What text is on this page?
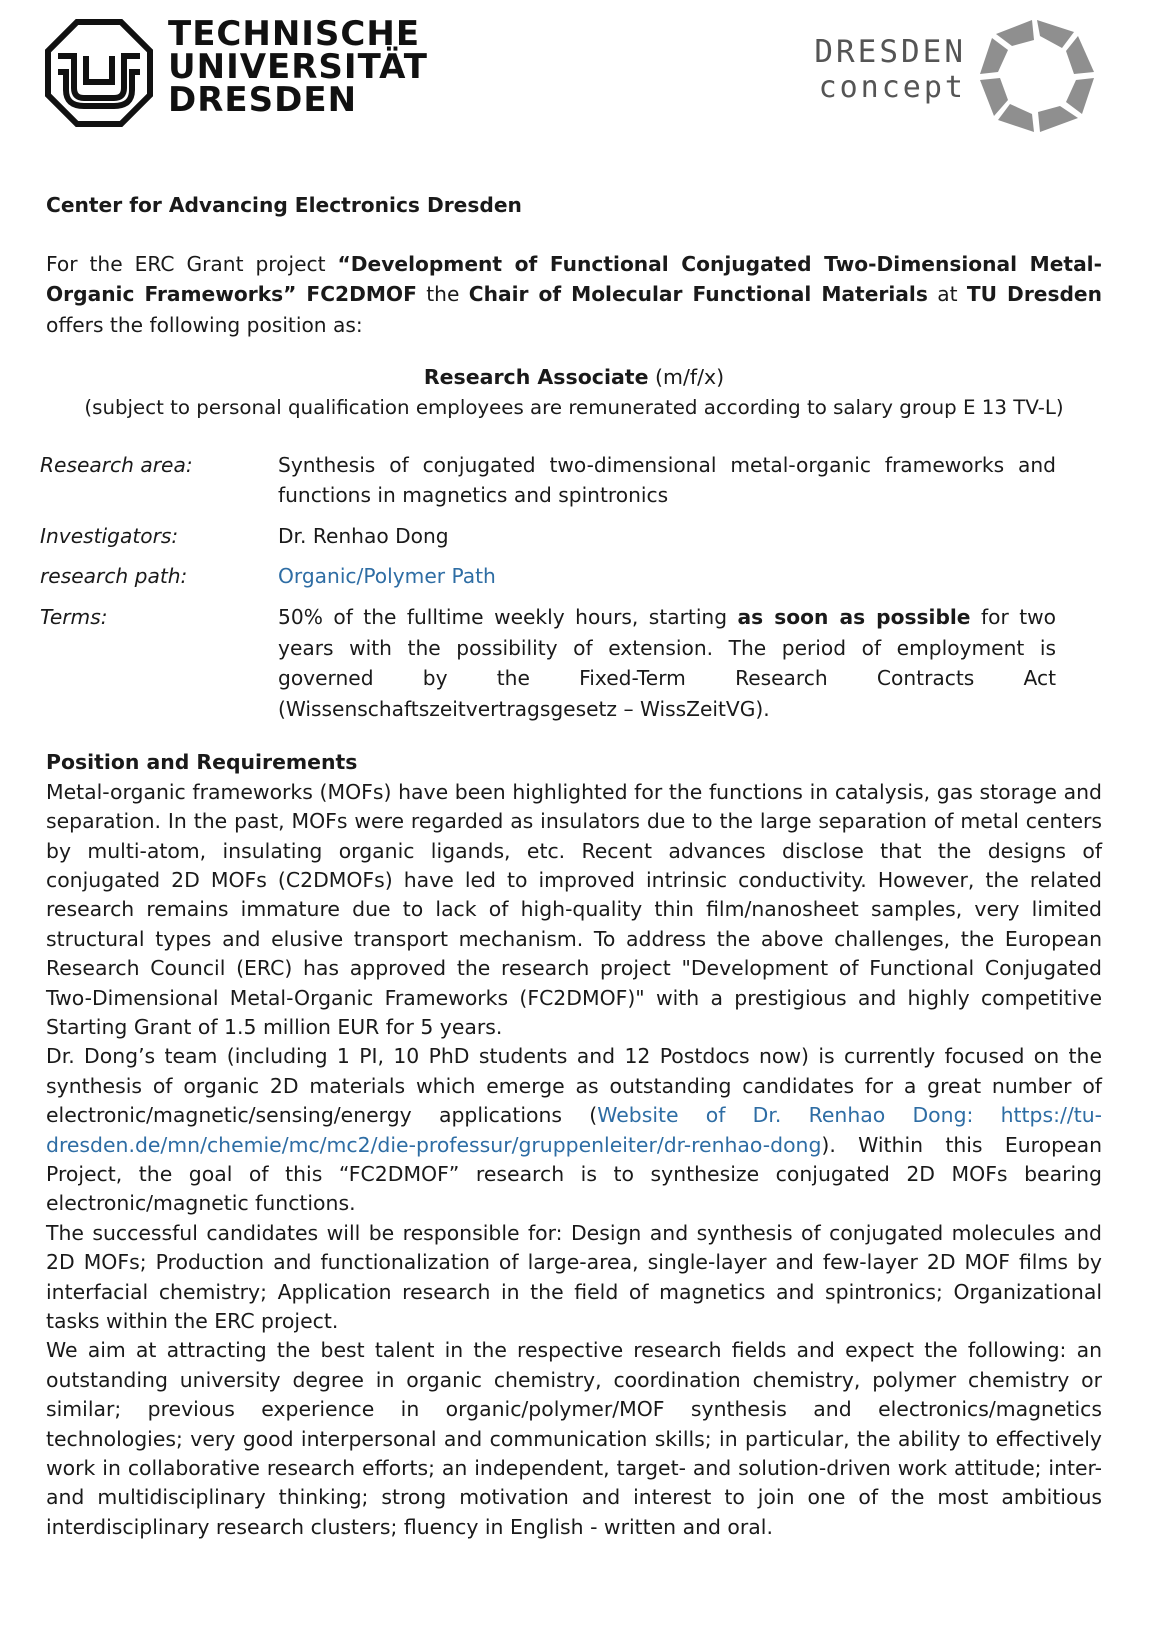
TECHNISCHE
UNIVERSITÄT
DRESDEN
DRESDEN
concept

Center for Advancing Electronics Dresden

For the ERC Grant project “Development of Functional Conjugated Two-Dimensional Metal-Organic Frameworks” FC2DMOF the Chair of Molecular Functional Materials at TU Dresden offers the following position as:

Research Associate (m/f/x)
(subject to personal qualification employees are remunerated according to salary group E 13 TV-L)
Research area:	Synthesis of conjugated two-dimensional metal-organic frameworks and functions in magnetics and spintronics
Investigators:	Dr. Renhao Dong
research path:	Organic/Polymer Path
Terms:	50% of the fulltime weekly hours, starting as soon as possible for two years with the possibility of extension. The period of employment is governed by the Fixed-Term Research Contracts Act (Wissenschaftszeitvertragsgesetz – WissZeitVG).

Position and Requirements

Metal-organic frameworks (MOFs) have been highlighted for the functions in catalysis, gas storage and separation. In the past, MOFs were regarded as insulators due to the large separation of metal centers by multi-atom, insulating organic ligands, etc. Recent advances disclose that the designs of conjugated 2D MOFs (C2DMOFs) have led to improved intrinsic conductivity. However, the related research remains immature due to lack of high-quality thin film/nanosheet samples, very limited structural types and elusive transport mechanism. To address the above challenges, the European Research Council (ERC) has approved the research project "Development of Functional Conjugated Two-Dimensional Metal-Organic Frameworks (FC2DMOF)" with a prestigious and highly competitive Starting Grant of 1.5 million EUR for 5 years.

Dr. Dong’s team (including 1 PI, 10 PhD students and 12 Postdocs now) is currently focused on the synthesis of organic 2D materials which emerge as outstanding candidates for a great number of electronic/magnetic/sensing/energy applications (Website of Dr. Renhao Dong: https://tu-dresden.de/mn/chemie/mc/mc2/die-professur/gruppenleiter/dr-renhao-dong). Within this European Project, the goal of this “FC2DMOF” research is to synthesize conjugated 2D MOFs bearing electronic/magnetic functions.

The successful candidates will be responsible for: Design and synthesis of conjugated molecules and 2D MOFs; Production and functionalization of large-area, single-layer and few-layer 2D MOF films by interfacial chemistry; Application research in the field of magnetics and spintronics; Organizational tasks within the ERC project.

We aim at attracting the best talent in the respective research fields and expect the following: an outstanding university degree in organic chemistry, coordination chemistry, polymer chemistry or similar; previous experience in organic/polymer/MOF synthesis and electronics/magnetics technologies; very good interpersonal and communication skills; in particular, the ability to effectively work in collaborative research efforts; an independent, target- and solution-driven work attitude; inter- and multidisciplinary thinking; strong motivation and interest to join one of the most ambitious interdisciplinary research clusters; fluency in English - written and oral.
